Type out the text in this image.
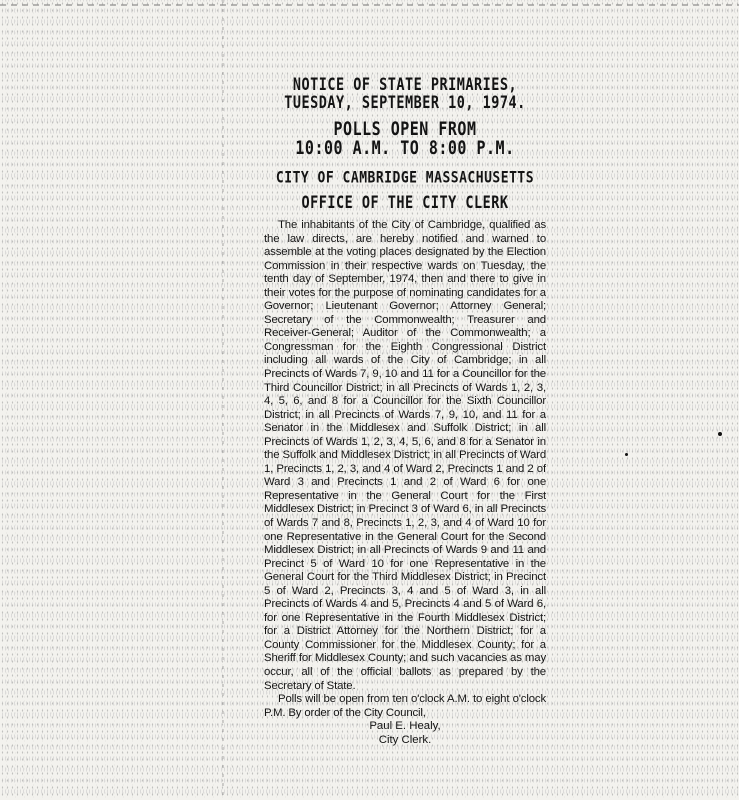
NOTICE OF STATE PRIMARIES,

TUESDAY, SEPTEMBER 10, 1974.

POLLS OPEN FROM

10:00 A.M. TO 8:00 P.M.

CITY OF CAMBRIDGE MASSACHUSETTS

OFFICE OF THE CITY CLERK

The inhabitants of the City of Cambridge, qualified as the law directs, are hereby notified and warned to assemble at the voting places designated by the Election Commission in their respective wards on Tuesday, the tenth day of September, 1974, then and there to give in their votes for the purpose of nominating candidates for a Governor; Lieutenant Governor; Attorney General; Secretary of the Commonwealth; Treasurer and Receiver-General; Auditor of the Commonwealth; a Congressman for the Eighth Congressional District including all wards of the City of Cambridge; in all Precincts of Wards 7, 9, 10 and 11 for a Councillor for the Third Councillor District; in all Precincts of Wards 1, 2, 3, 4, 5, 6, and 8 for a Councillor for the Sixth Councillor District; in all Precincts of Wards 7, 9, 10, and 11 for a Senator in the Middlesex and Suffolk District; in all Precincts of Wards 1, 2, 3, 4, 5, 6, and 8 for a Senator in the Suffolk and Middlesex District; in all Precincts of Ward 1, Precincts 1, 2, 3, and 4 of Ward 2, Precincts 1 and 2 of Ward 3 and Precincts 1 and 2 of Ward 6 for one Representative in the General Court for the First Middlesex District; in Precinct 3 of Ward 6, in all Precincts of Wards 7 and 8, Precincts 1, 2, 3, and 4 of Ward 10 for one Representative in the General Court for the Second Middlesex District; in all Precincts of Wards 9 and 11 and Precinct 5 of Ward 10 for one Representative in the General Court for the Third Middlesex District; in Precinct 5 of Ward 2, Precincts 3, 4 and 5 of Ward 3, in all Precincts of Wards 4 and 5, Precincts 4 and 5 of Ward 6, for one Representative in the Fourth Middlesex District; for a District Attorney for the Northern District; for a County Commissioner for the Middlesex County; for a Sheriff for Middlesex County; and such vacancies as may occur, all of the official ballots as prepared by the Secretary of State.

Polls will be open from ten o'clock A.M. to eight o'clock P.M. By order of the City Council,

Paul E. Healy,

City Clerk.
